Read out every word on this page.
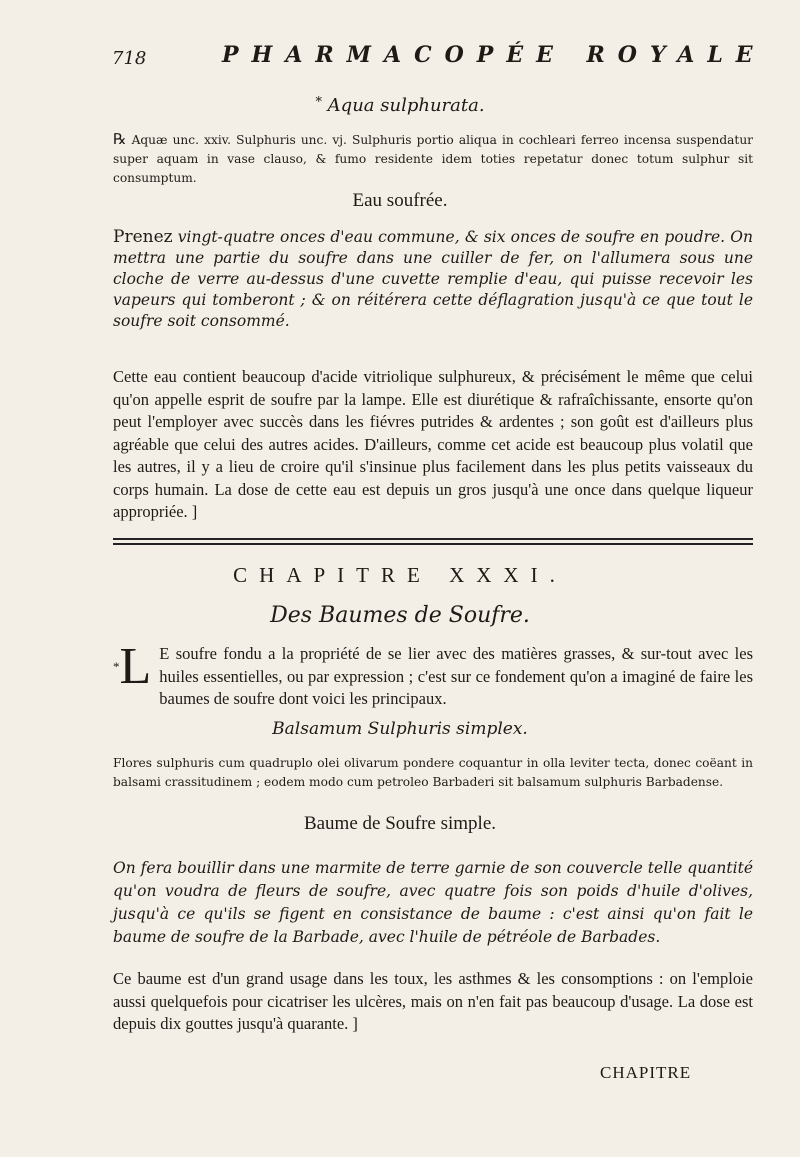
718	PHARMACOPÉE ROYALE
* Aqua sulphurata.
℞ Aquæ unc. xxiv. Sulphuris unc. vj. Sulphuris portio aliqua in cochleari ferreo incensa suspendatur super aquam in vase clauso, & fumo residente idem toties repetatur donec totum sulphur sit consumptum.
Eau soufrée.
Prenez vingt-quatre onces d'eau commune, & six onces de soufre en poudre. On mettra une partie du soufre dans une cuiller de fer, on l'allumera sous une cloche de verre au-dessus d'une cuvette remplie d'eau, qui puisse recevoir les vapeurs qui tomberont ; & on réitérera cette déflagration jusqu'à ce que tout le soufre soit consommé.
Cette eau contient beaucoup d'acide vitriolique sulphureux, & précisément le même que celui qu'on appelle esprit de soufre par la lampe. Elle est diurétique & rafraîchissante, ensorte qu'on peut l'employer avec succès dans les fiévres putrides & ardentes ; son goût est d'ailleurs plus agréable que celui des autres acides. D'ailleurs, comme cet acide est beaucoup plus volatil que les autres, il y a lieu de croire qu'il s'insinue plus facilement dans les plus petits vaisseaux du corps humain. La dose de cette eau est depuis un gros jusqu'à une once dans quelque liqueur appropriée. ]
CHAPITRE XXXI.
Des Baumes de Soufre.
*L E soufre fondu a la propriété de se lier avec des matières grasses, & sur-tout avec les huiles essentielles, ou par expression ; c'est sur ce fondement qu'on a imaginé de faire les baumes de soufre dont voici les principaux.
Balsamum Sulphuris simplex.
Flores sulphuris cum quadruplo olei olivarum pondere coquantur in olla leviter tecta, donec coëant in balsami crassitudinem ; eodem modo cum petroleo Barbaderi sit balsamum sulphuris Barbadense.
Baume de Soufre simple.
On fera bouillir dans une marmite de terre garnie de son couvercle telle quantité qu'on voudra de fleurs de soufre, avec quatre fois son poids d'huile d'olives, jusqu'à ce qu'ils se figent en consistance de baume : c'est ainsi qu'on fait le baume de soufre de la Barbade, avec l'huile de pétréole de Barbades.
Ce baume est d'un grand usage dans les toux, les asthmes & les consomptions : on l'emploie aussi quelquefois pour cicatriser les ulcères, mais on n'en fait pas beaucoup d'usage. La dose est depuis dix gouttes jusqu'à quarante. ]
CHAPITRE
